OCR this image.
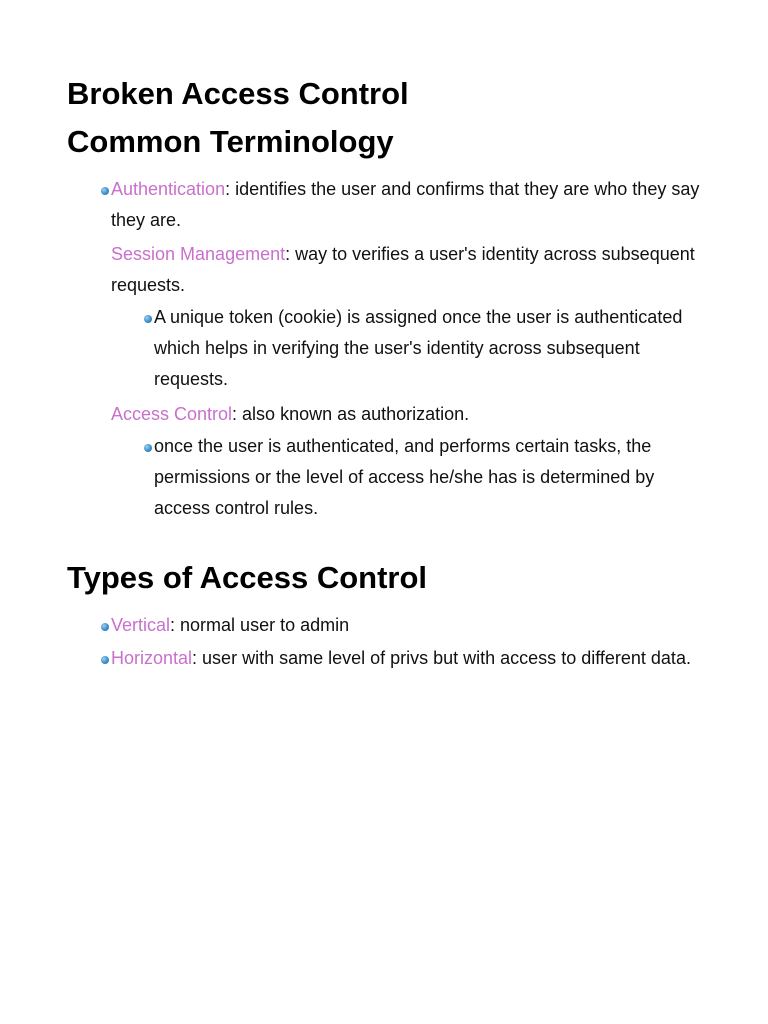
Broken Access Control
Common Terminology
Authentication: identifies the user and confirms that they are who they say they are.
Session Management: way to verifies a user's identity across subsequent requests.
A unique token (cookie) is assigned once the user is authenticated which helps in verifying the user's identity across subsequent requests.
Access Control: also known as authorization.
once the user is authenticated, and performs certain tasks, the permissions or the level of access he/she has is determined by access control rules.
Types of Access Control
Vertical: normal user to admin
Horizontal: user with same level of privs but with access to different data.
